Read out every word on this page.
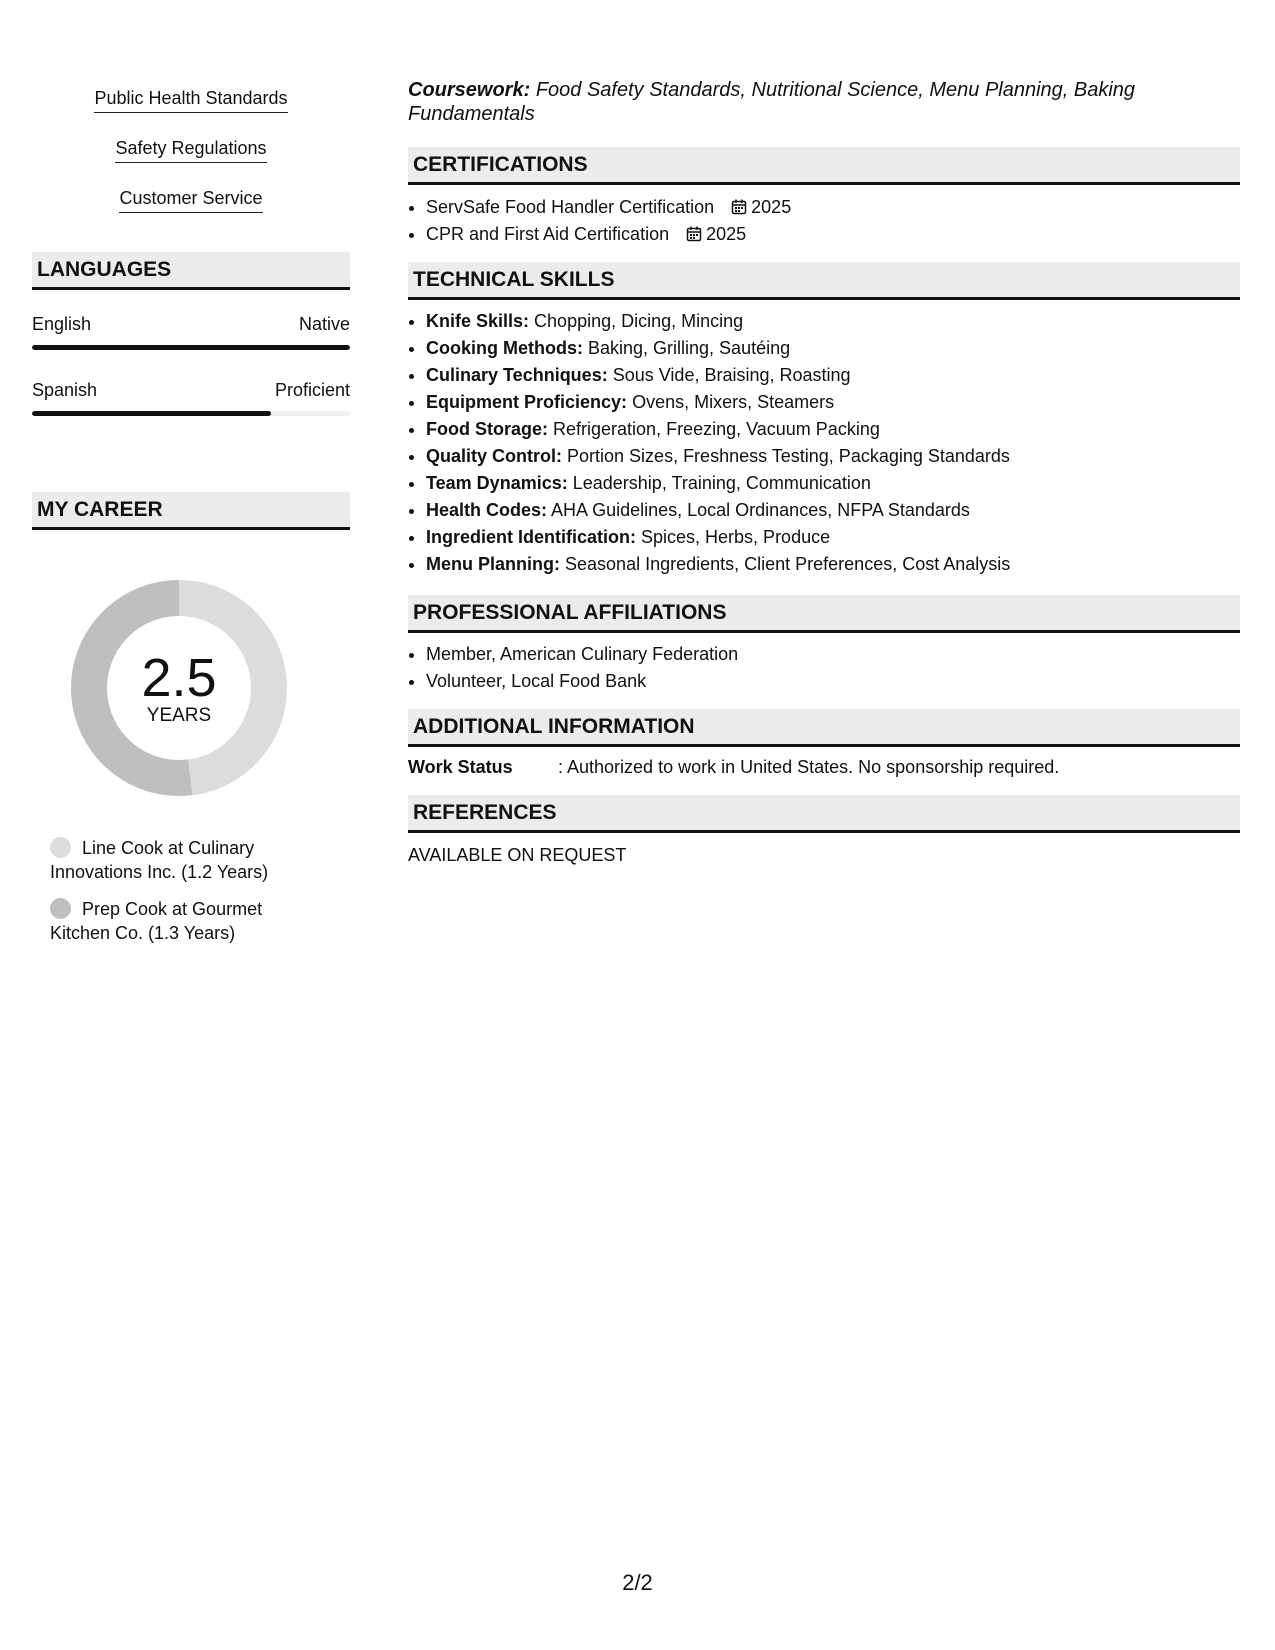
Public Health Standards
Safety Regulations
Customer Service
LANGUAGES
English	Native
Spanish	Proficient
MY CAREER
2.5
YEARS
Line Cook at Culinary Innovations Inc. (1.2 Years)
Prep Cook at Gourmet Kitchen Co. (1.3 Years)
Coursework: Food Safety Standards, Nutritional Science, Menu Planning, Baking Fundamentals
CERTIFICATIONS
• ServSafe Food Handler Certification 2025
• CPR and First Aid Certification 2025
TECHNICAL SKILLS
• Knife Skills: Chopping, Dicing, Mincing
• Cooking Methods: Baking, Grilling, Sautéing
• Culinary Techniques: Sous Vide, Braising, Roasting
• Equipment Proficiency: Ovens, Mixers, Steamers
• Food Storage: Refrigeration, Freezing, Vacuum Packing
• Quality Control: Portion Sizes, Freshness Testing, Packaging Standards
• Team Dynamics: Leadership, Training, Communication
• Health Codes: AHA Guidelines, Local Ordinances, NFPA Standards
• Ingredient Identification: Spices, Herbs, Produce
• Menu Planning: Seasonal Ingredients, Client Preferences, Cost Analysis
PROFESSIONAL AFFILIATIONS
• Member, American Culinary Federation
• Volunteer, Local Food Bank
ADDITIONAL INFORMATION
Work Status	: Authorized to work in United States. No sponsorship required.
REFERENCES
AVAILABLE ON REQUEST
2/2
